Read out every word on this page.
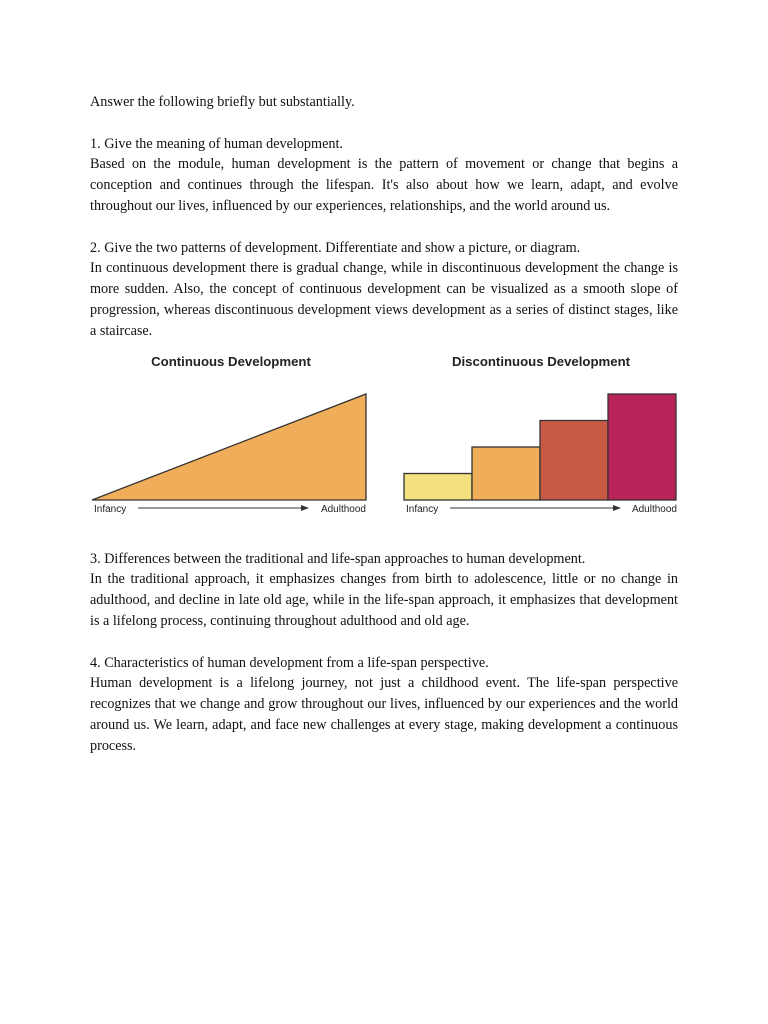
Answer the following briefly but substantially.

1. Give the meaning of human development.

Based on the module, human development is the pattern of movement or change that begins a conception and continues through the lifespan. It's also about how we learn, adapt, and evolve throughout our lives, influenced by our experiences, relationships, and the world around us.

2. Give the two patterns of development. Differentiate and show a picture, or diagram.

In continuous development there is gradual change, while in discontinuous development the change is more sudden. Also, the concept of continuous development can be visualized as a smooth slope of progression, whereas discontinuous development views development as a series of distinct stages, like a staircase.

Continuous Development
Infancy	Adulthood
Discontinuous Development
Infancy	Adulthood

3. Differences between the traditional and life-span approaches to human development.

In the traditional approach, it emphasizes changes from birth to adolescence, little or no change in adulthood, and decline in late old age, while in the life-span approach, it emphasizes that development is a lifelong process, continuing throughout adulthood and old age.

4. Characteristics of human development from a life-span perspective.

Human development is a lifelong journey, not just a childhood event. The life-span perspective recognizes that we change and grow throughout our lives, influenced by our experiences and the world around us. We learn, adapt, and face new challenges at every stage, making development a continuous process.
